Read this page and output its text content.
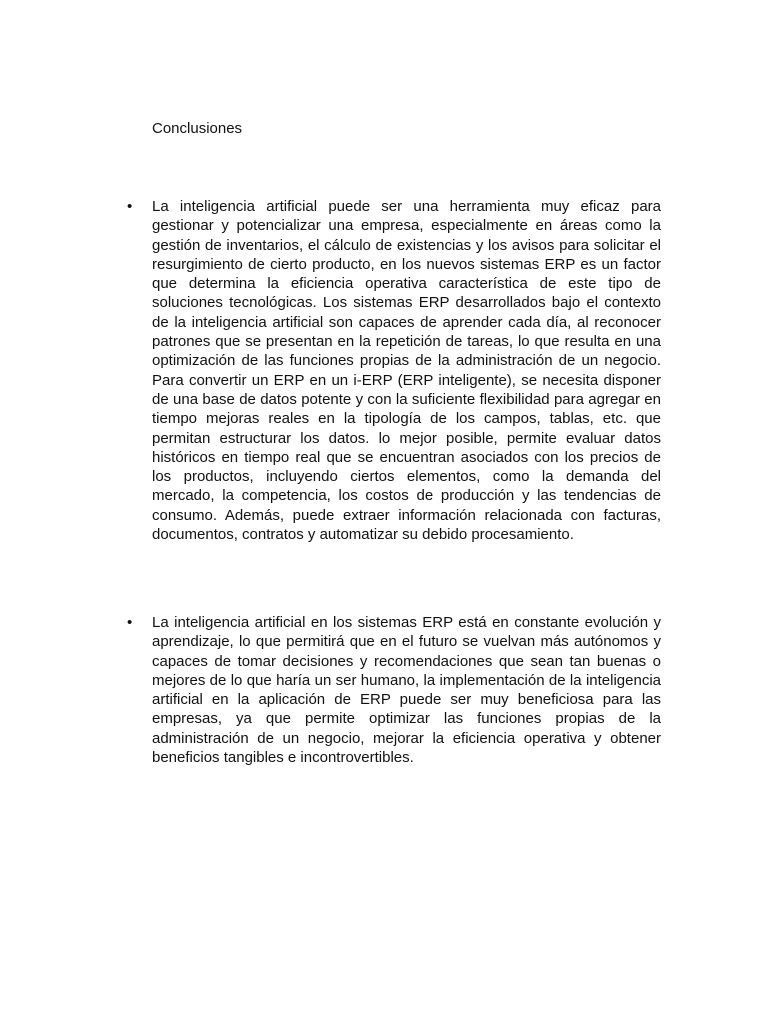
Conclusiones
• La inteligencia artificial puede ser una herramienta muy eficaz para gestionar y potencializar una empresa, especialmente en áreas como la gestión de inventarios, el cálculo de existencias y los avisos para solicitar el resurgimiento de cierto producto, en los nuevos sistemas ERP es un factor que determina la eficiencia operativa característica de este tipo de soluciones tecnológicas. Los sistemas ERP desarrollados bajo el contexto de la inteligencia artificial son capaces de aprender cada día, al reconocer patrones que se presentan en la repetición de tareas, lo que resulta en una optimización de las funciones propias de la administración de un negocio. Para convertir un ERP en un i-ERP (ERP inteligente), se necesita disponer de una base de datos potente y con la suficiente flexibilidad para agregar en tiempo mejoras reales en la tipología de los campos, tablas, etc. que permitan estructurar los datos. lo mejor posible, permite evaluar datos históricos en tiempo real que se encuentran asociados con los precios de los productos, incluyendo ciertos elementos, como la demanda del mercado, la competencia, los costos de producción y las tendencias de consumo. Además, puede extraer información relacionada con facturas, documentos, contratos y automatizar su debido procesamiento.
• La inteligencia artificial en los sistemas ERP está en constante evolución y aprendizaje, lo que permitirá que en el futuro se vuelvan más autónomos y capaces de tomar decisiones y recomendaciones que sean tan buenas o mejores de lo que haría un ser humano, la implementación de la inteligencia artificial en la aplicación de ERP puede ser muy beneficiosa para las empresas, ya que permite optimizar las funciones propias de la administración de un negocio, mejorar la eficiencia operativa y obtener beneficios tangibles e incontrovertibles.
